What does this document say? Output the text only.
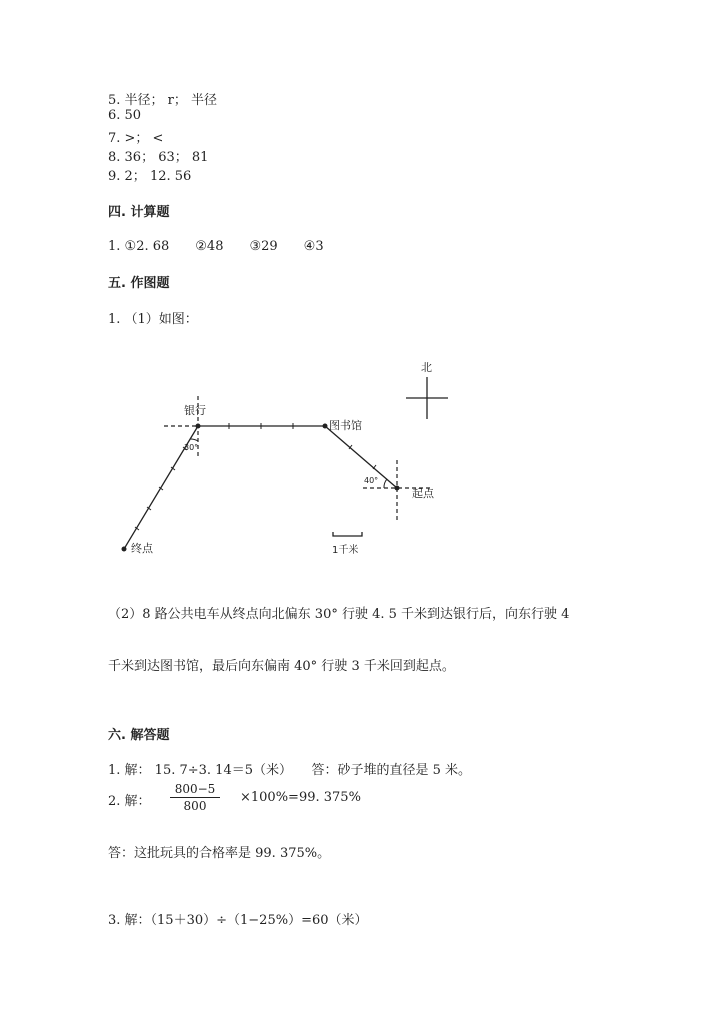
5. 半径； r； 半径
6. 50
7. >； <
8. 36； 63； 81
9. 2； 12. 56
四. 计算题
1. ①2. 68　　②48　　③29　　④3
五. 作图题
1. （1）如图：
北
银行
图书馆
起点
终点
30°
40°
1千米
（2）8 路公共电车从终点向北偏东 30° 行驶 4. 5 千米到达银行后，向东行驶 4
千米到达图书馆，最后向东偏南 40° 行驶 3 千米回到起点。
六. 解答题
1. 解： 15. 7÷3. 14＝5（米）　　答：砂子堆的直径是 5 米。
2. 解： $\frac{800-5}{800} \times 100\%=99$. 375%
答：这批玩具的合格率是 99. 375%。
3. 解：（15＋30）÷（1−25%）=60（米）
